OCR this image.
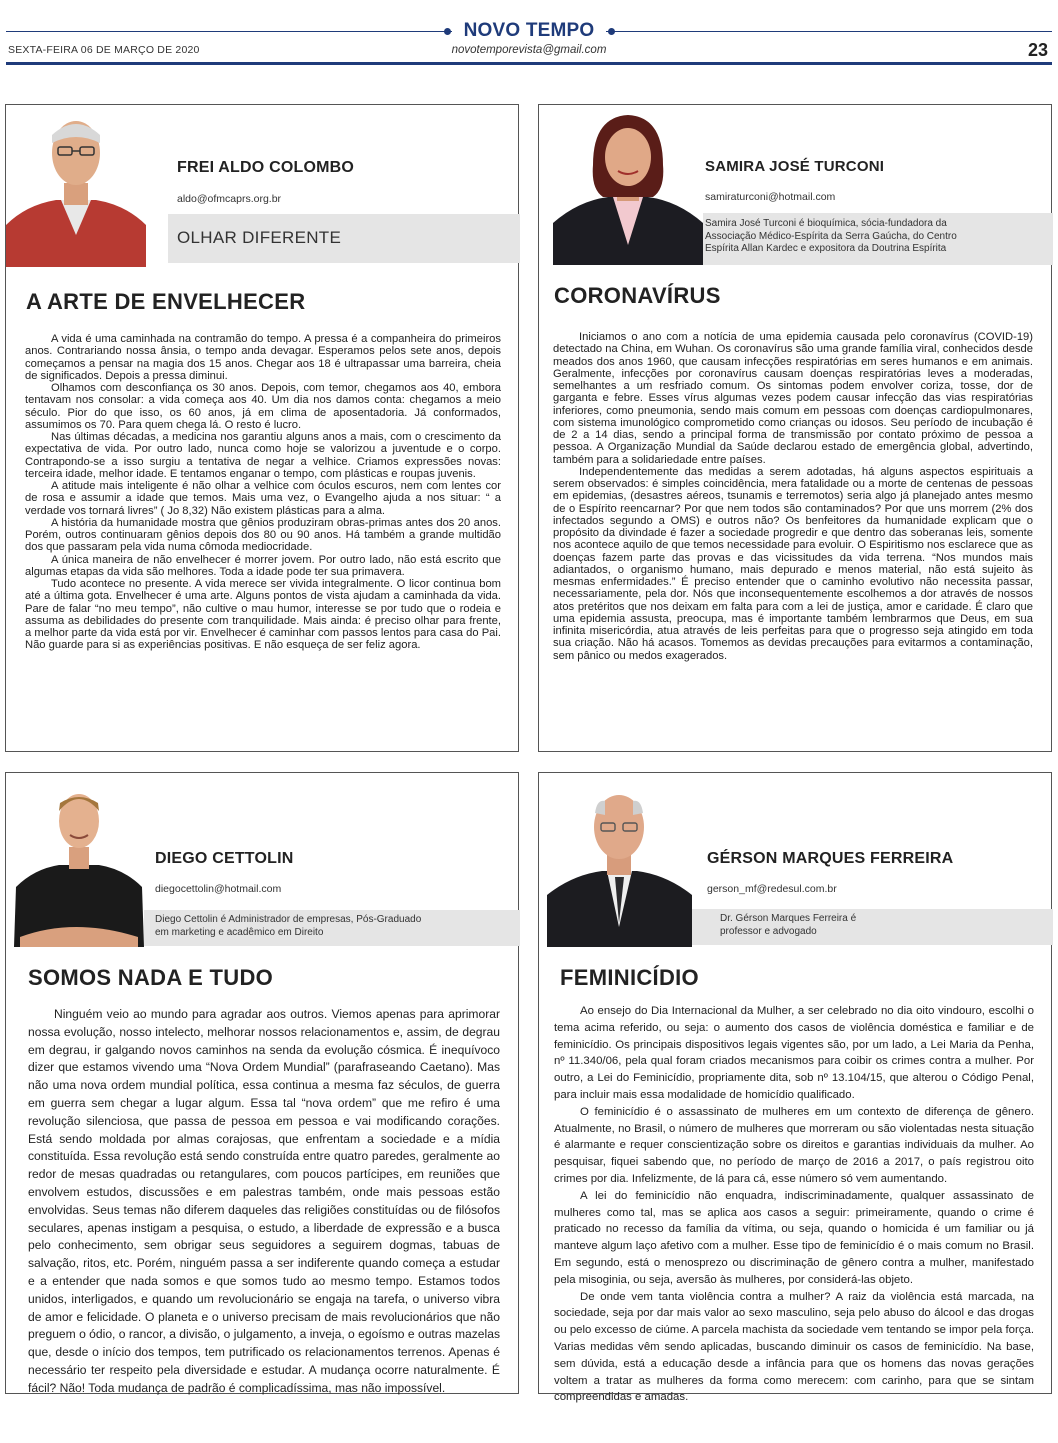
NOVO TEMPO
SEXTA-FEIRA 06 DE MARÇO DE 2020	novotemporevista@gmail.com	23
FREI ALDO COLOMBO
aldo@ofmcaprs.org.br
OLHAR DIFERENTE
A ARTE DE ENVELHECER

A vida é uma caminhada na contramão do tempo. A pressa é a companheira do primeiros anos. Contrariando nossa ânsia, o tempo anda devagar. Esperamos pelos sete anos, depois começamos a pensar na magia dos 15 anos. Chegar aos 18 é ultrapassar uma barreira, cheia de significados. Depois a pressa diminui.

Olhamos com desconfiança os 30 anos. Depois, com temor, chegamos aos 40, embora tentavam nos consolar: a vida começa aos 40. Um dia nos damos conta: chegamos a meio século. Pior do que isso, os 60 anos, já em clima de aposentadoria. Já conformados, assumimos os 70. Para quem chega lá. O resto é lucro.

Nas últimas décadas, a medicina nos garantiu alguns anos a mais, com o crescimento da expectativa de vida. Por outro lado, nunca como hoje se valorizou a juventude e o corpo. Contrapondo-se a isso surgiu a tentativa de negar a velhice. Criamos expressões novas: terceira idade, melhor idade. E tentamos enganar o tempo, com plásticas e roupas juvenis.

A atitude mais inteligente é não olhar a velhice com óculos escuros, nem com lentes cor de rosa e assumir a idade que temos. Mais uma vez, o Evangelho ajuda a nos situar: “ a verdade vos tornará livres” ( Jo 8,32) Não existem plásticas para a alma.

A história da humanidade mostra que gênios produziram obras-primas antes dos 20 anos. Porém, outros continuaram gênios depois dos 80 ou 90 anos. Há também a grande multidão dos que passaram pela vida numa cômoda mediocridade.

A única maneira de não envelhecer é morrer jovem. Por outro lado, não está escrito que algumas etapas da vida são melhores. Toda a idade pode ter sua primavera.

Tudo acontece no presente. A vida merece ser vivida integralmente. O licor continua bom até a última gota. Envelhecer é uma arte. Alguns pontos de vista ajudam a caminhada da vida. Pare de falar “no meu tempo”, não cultive o mau humor, interesse se por tudo que o rodeia e assuma as debilidades do presente com tranquilidade. Mais ainda: é preciso olhar para frente, a melhor parte da vida está por vir. Envelhecer é caminhar com passos lentos para casa do Pai. Não guarde para si as experiências positivas. E não esqueça de ser feliz agora.

SAMIRA JOSÉ TURCONI
samiraturconi@hotmail.com
Samira José Turconi é bioquímica, sócia-fundadora da Associação Médico-Espírita da Serra Gaúcha, do Centro Espírita Allan Kardec e expositora da Doutrina Espírita
CORONAVÍRUS

Iniciamos o ano com a notícia de uma epidemia causada pelo coronavírus (COVID-19) detectado na China, em Wuhan. Os coronavírus são uma grande família viral, conhecidos desde meados dos anos 1960, que causam infecções respiratórias em seres humanos e em animais. Geralmente, infecções por coronavírus causam doenças respiratórias leves a moderadas, semelhantes a um resfriado comum. Os sintomas podem envolver coriza, tosse, dor de garganta e febre. Esses vírus algumas vezes podem causar infecção das vias respiratórias inferiores, como pneumonia, sendo mais comum em pessoas com doenças cardiopulmonares, com sistema imunológico comprometido como crianças ou idosos. Seu período de incubação é de 2 a 14 dias, sendo a principal forma de transmissão por contato próximo de pessoa a pessoa. A Organização Mundial da Saúde declarou estado de emergência global, advertindo, também para a solidariedade entre países.

Independentemente das medidas a serem adotadas, há alguns aspectos espirituais a serem observados: é simples coincidência, mera fatalidade ou a morte de centenas de pessoas em epidemias, (desastres aéreos, tsunamis e terremotos) seria algo já planejado antes mesmo de o Espírito reencarnar? Por que nem todos são contaminados? Por que uns morrem (2% dos infectados segundo a OMS) e outros não? Os benfeitores da humanidade explicam que o propósito da divindade é fazer a sociedade progredir e que dentro das soberanas leis, somente nos acontece aquilo de que temos necessidade para evoluir. O Espiritismo nos esclarece que as doenças fazem parte das provas e das vicissitudes da vida terrena. “Nos mundos mais adiantados, o organismo humano, mais depurado e menos material, não está sujeito às mesmas enfermidades.” É preciso entender que o caminho evolutivo não necessita passar, necessariamente, pela dor. Nós que inconsequentemente escolhemos a dor através de nossos atos pretéritos que nos deixam em falta para com a lei de justiça, amor e caridade. É claro que uma epidemia assusta, preocupa, mas é importante também lembrarmos que Deus, em sua infinita misericórdia, atua através de leis perfeitas para que o progresso seja atingido em toda sua criação. Não há acasos. Tomemos as devidas precauções para evitarmos a contaminação, sem pânico ou medos exagerados.

DIEGO CETTOLIN
diegocettolin@hotmail.com
Diego Cettolin é Administrador de empresas, Pós-Graduado em marketing e acadêmico em Direito
SOMOS NADA E TUDO

Ninguém veio ao mundo para agradar aos outros. Viemos apenas para aprimorar nossa evolução, nosso intelecto, melhorar nossos relacionamentos e, assim, de degrau em degrau, ir galgando novos caminhos na senda da evolução cósmica. É inequívoco dizer que estamos vivendo uma “Nova Ordem Mundial” (parafraseando Caetano). Mas não uma nova ordem mundial política, essa continua a mesma faz séculos, de guerra em guerra sem chegar a lugar algum. Essa tal “nova ordem” que me refiro é uma revolução silenciosa, que passa de pessoa em pessoa e vai modificando corações. Está sendo moldada por almas corajosas, que enfrentam a sociedade e a mídia constituída. Essa revolução está sendo construída entre quatro paredes, geralmente ao redor de mesas quadradas ou retangulares, com poucos partícipes, em reuniões que envolvem estudos, discussões e em palestras também, onde mais pessoas estão envolvidas. Seus temas não diferem daqueles das religiões constituídas ou de filósofos seculares, apenas instigam a pesquisa, o estudo, a liberdade de expressão e a busca pelo conhecimento, sem obrigar seus seguidores a seguirem dogmas, tabuas de salvação, ritos, etc. Porém, ninguém passa a ser indiferente quando começa a estudar e a entender que nada somos e que somos tudo ao mesmo tempo. Estamos todos unidos, interligados, e quando um revolucionário se engaja na tarefa, o universo vibra de amor e felicidade. O planeta e o universo precisam de mais revolucionários que não preguem o ódio, o rancor, a divisão, o julgamento, a inveja, o egoísmo e outras mazelas que, desde o início dos tempos, tem putrificado os relacionamentos terrenos. Apenas é necessário ter respeito pela diversidade e estudar. A mudança ocorre naturalmente. É fácil? Não! Toda mudança de padrão é complicadíssima, mas não impossível.

GÉRSON MARQUES FERREIRA
gerson_mf@redesul.com.br
Dr. Gérson Marques Ferreira é professor e advogado
FEMINICÍDIO

Ao ensejo do Dia Internacional da Mulher, a ser celebrado no dia oito vindouro, escolhi o tema acima referido, ou seja: o aumento dos casos de violência doméstica e familiar e de feminicídio. Os principais dispositivos legais vigentes são, por um lado, a Lei Maria da Penha, nº 11.340/06, pela qual foram criados mecanismos para coibir os crimes contra a mulher. Por outro, a Lei do Feminicídio, propriamente dita, sob nº 13.104/15, que alterou o Código Penal, para incluir mais essa modalidade de homicídio qualificado.

O feminicídio é o assassinato de mulheres em um contexto de diferença de gênero. Atualmente, no Brasil, o número de mulheres que morreram ou são violentadas nesta situação é alarmante e requer conscientização sobre os direitos e garantias individuais da mulher. Ao pesquisar, fiquei sabendo que, no período de março de 2016 a 2017, o país registrou oito crimes por dia. Infelizmente, de lá para cá, esse número só vem aumentando.

A lei do feminicídio não enquadra, indiscriminadamente, qualquer assassinato de mulheres como tal, mas se aplica aos casos a seguir: primeiramente, quando o crime é praticado no recesso da família da vítima, ou seja, quando o homicida é um familiar ou já manteve algum laço afetivo com a mulher. Esse tipo de feminicídio é o mais comum no Brasil. Em segundo, está o menosprezo ou discriminação de gênero contra a mulher, manifestado pela misoginia, ou seja, aversão às mulheres, por considerá-las objeto.

De onde vem tanta violência contra a mulher? A raiz da violência está marcada, na sociedade, seja por dar mais valor ao sexo masculino, seja pelo abuso do álcool e das drogas ou pelo excesso de ciúme. A parcela machista da sociedade vem tentando se impor pela força. Varias medidas vêm sendo aplicadas, buscando diminuir os casos de feminicídio. Na base, sem dúvida, está a educação desde a infância para que os homens das novas gerações voltem a tratar as mulheres da forma como merecem: com carinho, para que se sintam compreendidas e amadas.
